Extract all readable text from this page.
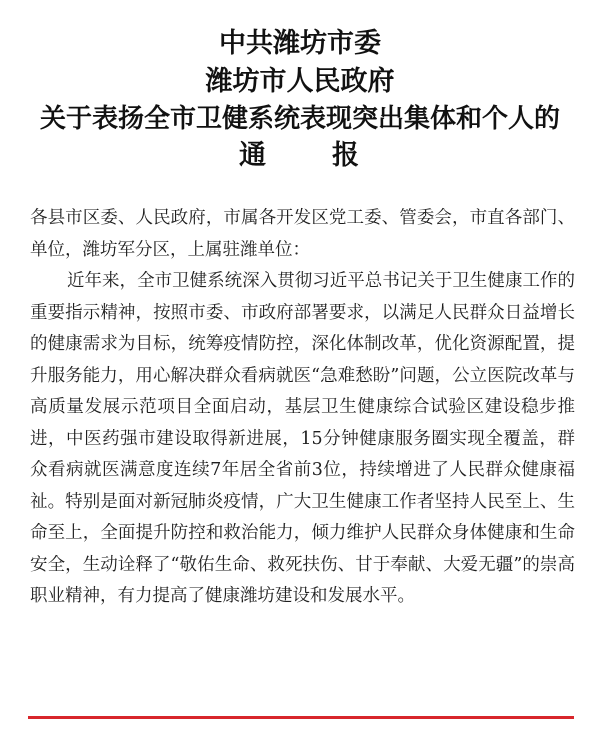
中共潍坊市委
潍坊市人民政府
关于表扬全市卫健系统表现突出集体和个人的
通 报

各县市区委、人民政府，市属各开发区党工委、管委会，市直各部门、单位，潍坊军分区，上属驻潍单位：

近年来，全市卫健系统深入贯彻习近平总书记关于卫生健康工作的重要指示精神，按照市委、市政府部署要求，以满足人民群众日益增长的健康需求为目标，统筹疫情防控，深化体制改革，优化资源配置，提升服务能力，用心解决群众看病就医“急难愁盼”问题，公立医院改革与高质量发展示范项目全面启动，基层卫生健康综合试验区建设稳步推进，中医药强市建设取得新进展，15分钟健康服务圈实现全覆盖，群众看病就医满意度连续7年居全省前3位，持续增进了人民群众健康福祉。特别是面对新冠肺炎疫情，广大卫生健康工作者坚持人民至上、生命至上，全面提升防控和救治能力，倾力维护人民群众身体健康和生命安全，生动诠释了“敬佑生命、救死扶伤、甘于奉献、大爱无疆”的崇高职业精神，有力提高了健康潍坊建设和发展水平。
